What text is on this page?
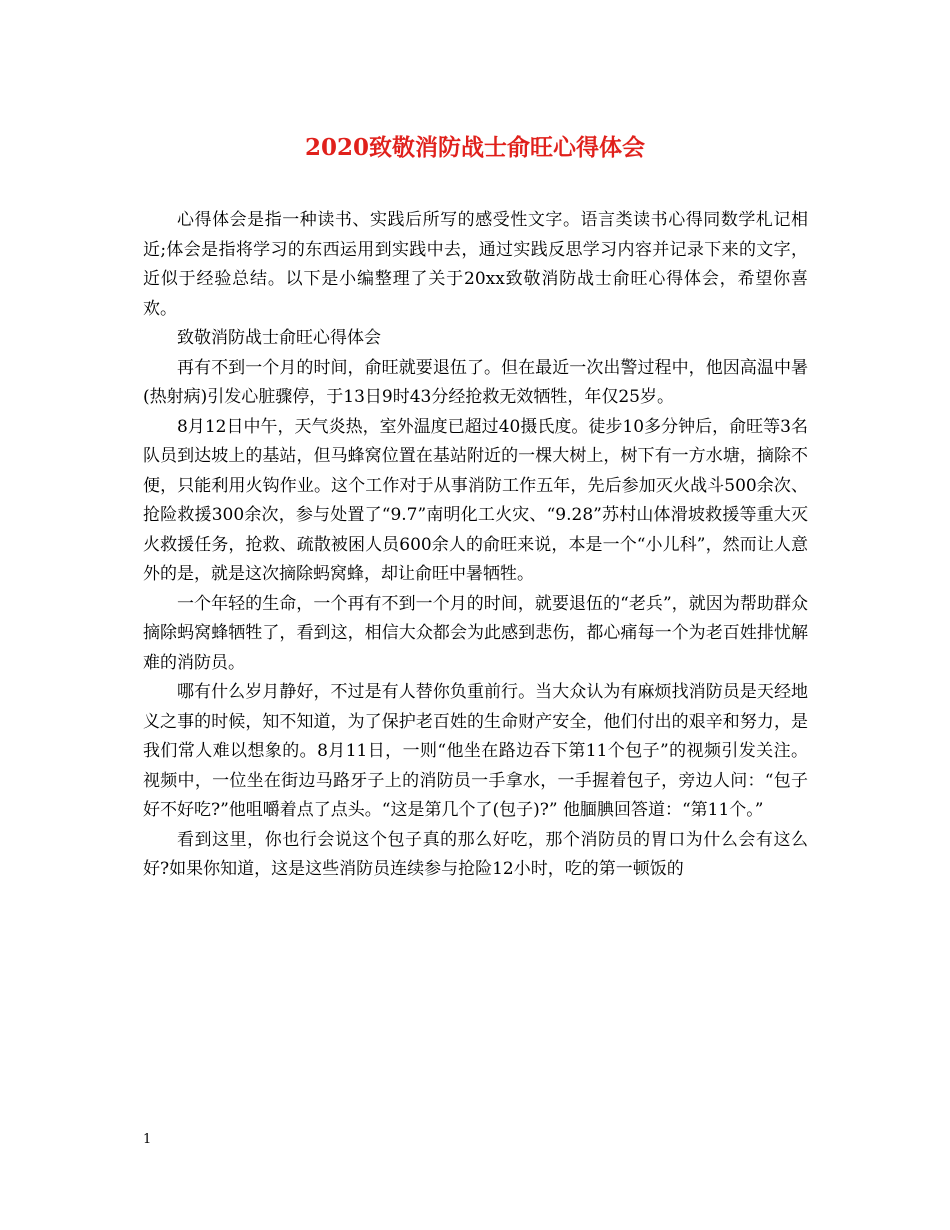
2020致敬消防战士俞旺心得体会

心得体会是指一种读书、实践后所写的感受性文字。语言类读书心得同数学札记相近;体会是指将学习的东西运用到实践中去，通过实践反思学习内容并记录下来的文字，近似于经验总结。以下是小编整理了关于20xx致敬消防战士俞旺心得体会，希望你喜欢。

致敬消防战士俞旺心得体会

再有不到一个月的时间，俞旺就要退伍了。但在最近一次出警过程中，他因高温中暑(热射病)引发心脏骤停，于13日9时43分经抢救无效牺牲，年仅25岁。

8月12日中午，天气炎热，室外温度已超过40摄氏度。徒步10多分钟后，俞旺等3名队员到达坡上的基站，但马蜂窝位置在基站附近的一棵大树上，树下有一方水塘，摘除不便，只能利用火钩作业。这个工作对于从事消防工作五年，先后参加灭火战斗500余次、抢险救援300余次，参与处置了“9.7”南明化工火灾、“9.28”苏村山体滑坡救援等重大灭火救援任务，抢救、疏散被困人员600余人的俞旺来说，本是一个“小儿科”，然而让人意外的是，就是这次摘除蚂窝蜂，却让俞旺中暑牺牲。

一个年轻的生命，一个再有不到一个月的时间，就要退伍的“老兵”，就因为帮助群众摘除蚂窝蜂牺牲了，看到这，相信大众都会为此感到悲伤，都心痛每一个为老百姓排忧解难的消防员。

哪有什么岁月静好，不过是有人替你负重前行。当大众认为有麻烦找消防员是天经地义之事的时候，知不知道，为了保护老百姓的生命财产安全，他们付出的艰辛和努力，是我们常人难以想象的。8月11日，一则“他坐在路边吞下第11个包子”的视频引发关注。视频中，一位坐在街边马路牙子上的消防员一手拿水，一手握着包子，旁边人问：“包子好不好吃?”他咀嚼着点了点头。“这是第几个了(包子)?” 他腼腆回答道：“第11个。”

看到这里，你也行会说这个包子真的那么好吃，那个消防员的胃口为什么会有这么好?如果你知道，这是这些消防员连续参与抢险12小时，吃的第一顿饭的

1
